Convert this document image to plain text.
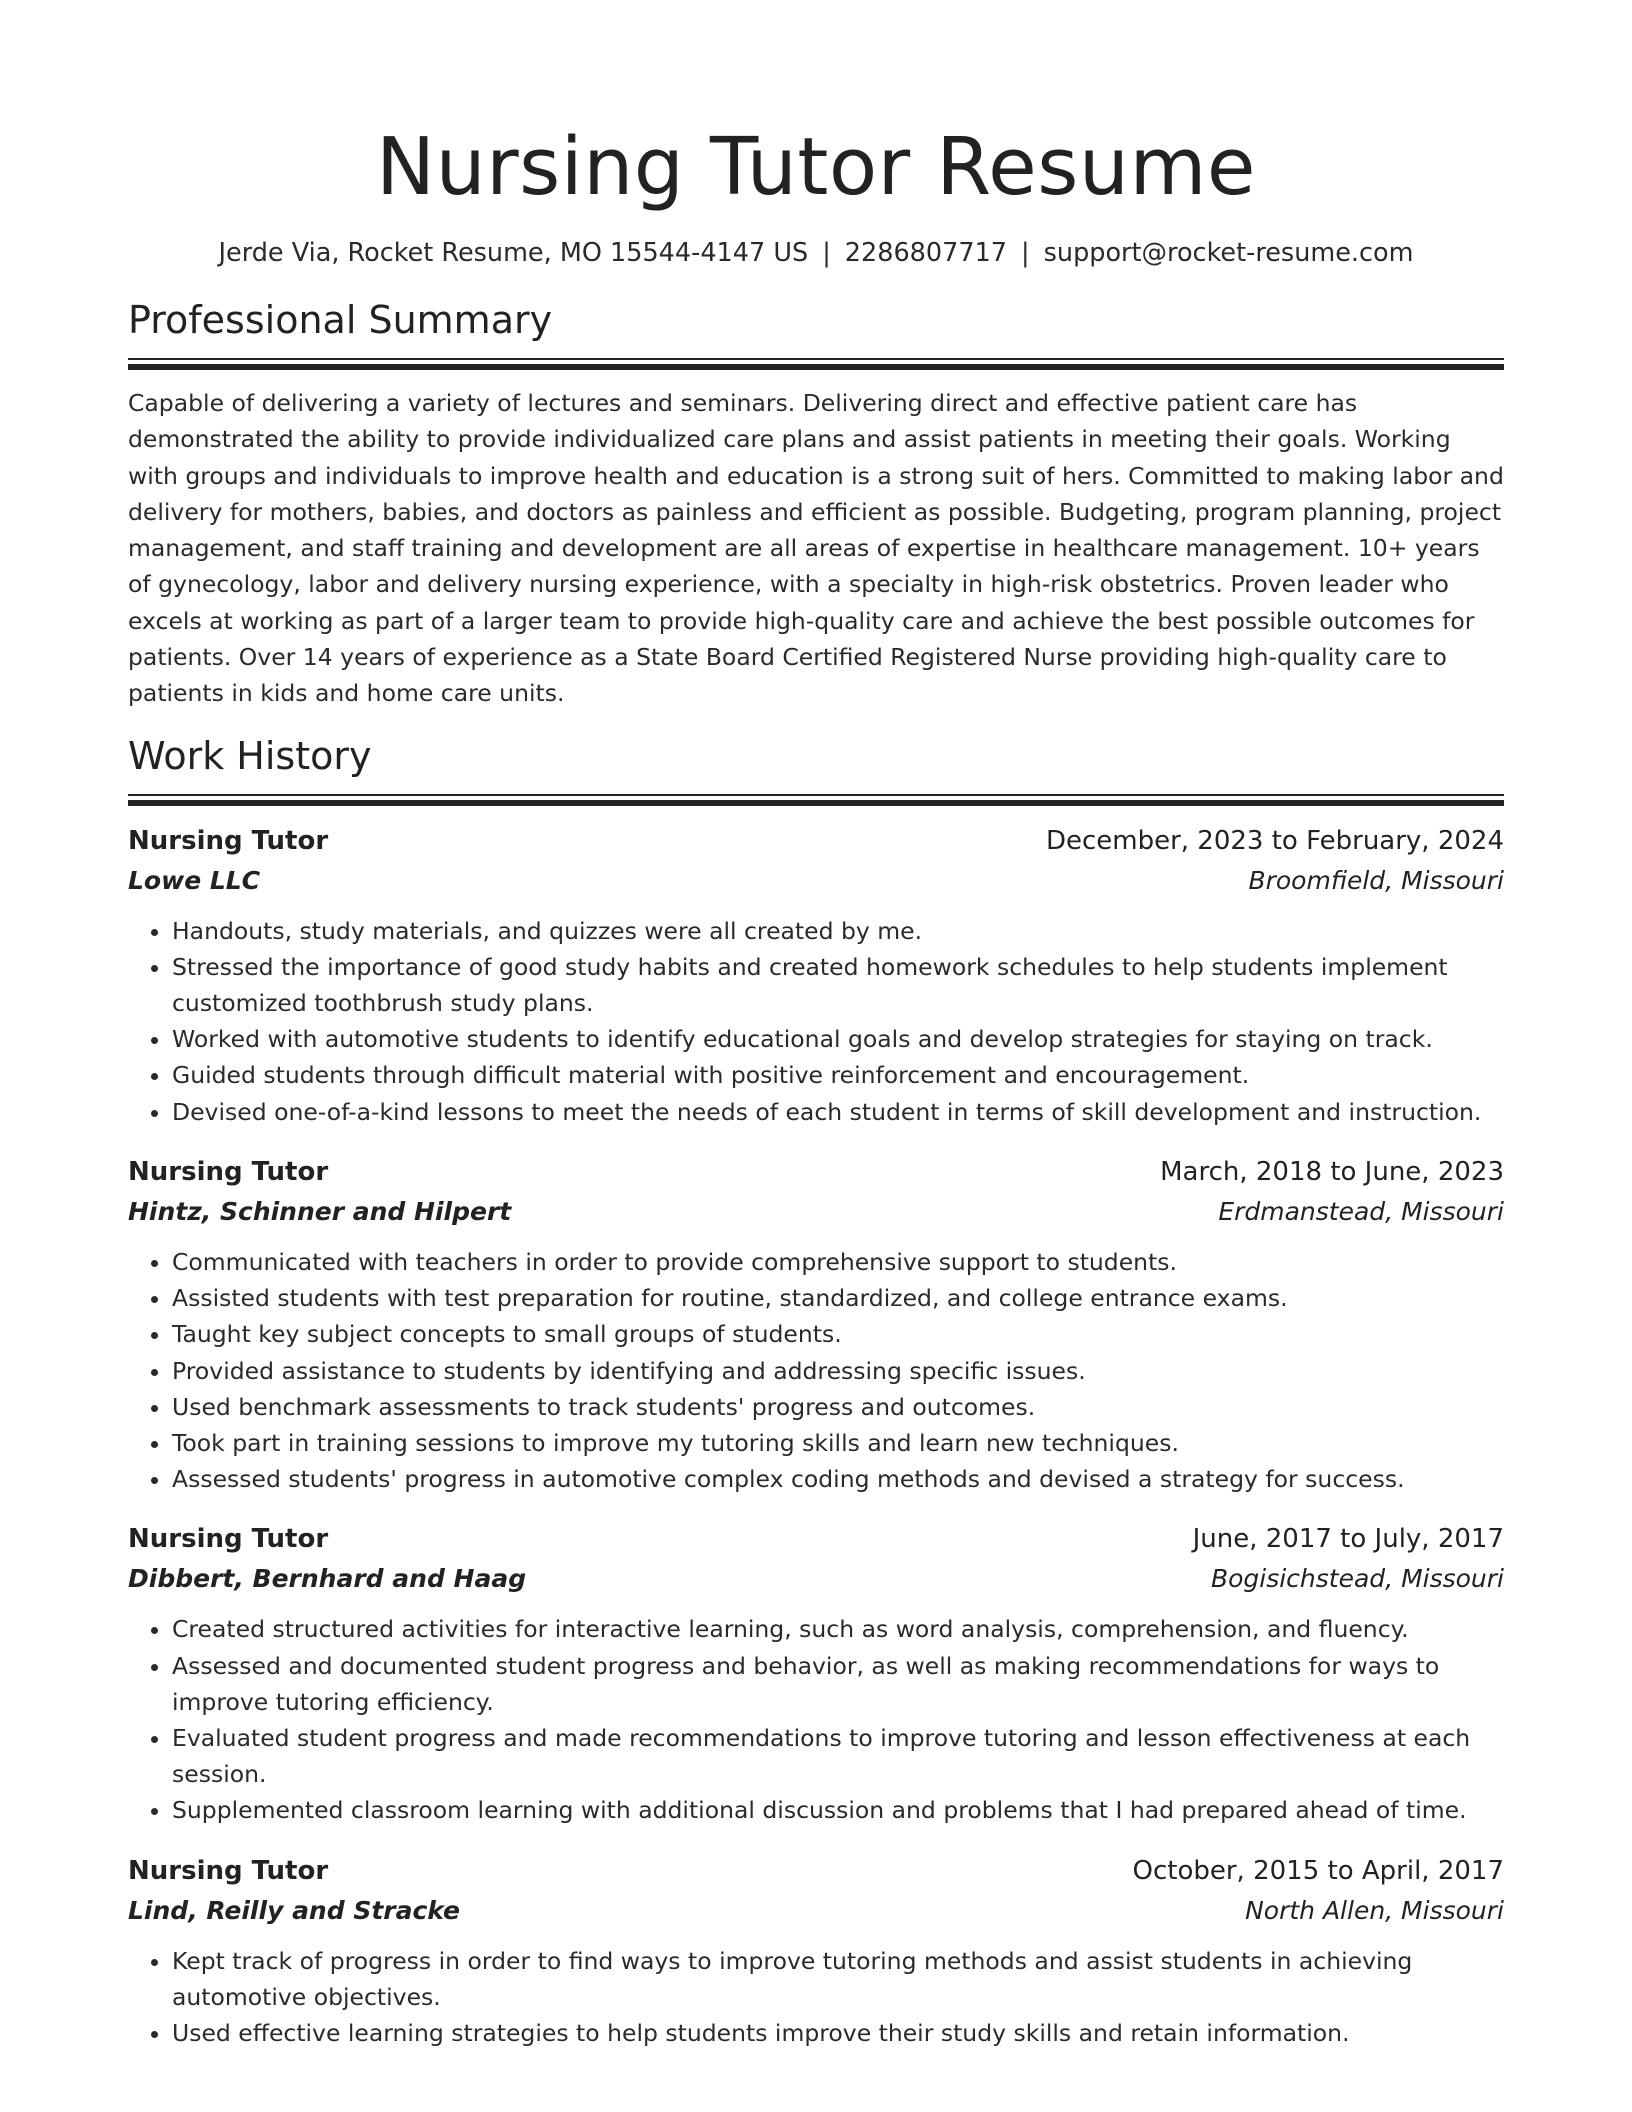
Nursing Tutor Resume
Jerde Via, Rocket Resume, MO 15544-4147 US | 2286807717 | support@rocket-resume.com
Professional Summary

Capable of delivering a variety of lectures and seminars. Delivering direct and effective patient care has demonstrated the ability to provide individualized care plans and assist patients in meeting their goals. Working with groups and individuals to improve health and education is a strong suit of hers. Committed to making labor and delivery for mothers, babies, and doctors as painless and efficient as possible. Budgeting, program planning, project management, and staff training and development are all areas of expertise in healthcare management. 10+ years of gynecology, labor and delivery nursing experience, with a specialty in high-risk obstetrics. Proven leader who excels at working as part of a larger team to provide high-quality care and achieve the best possible outcomes for patients. Over 14 years of experience as a State Board Certified Registered Nurse providing high-quality care to patients in kids and home care units.

Work History
Nursing Tutor	December, 2023 to February, 2024
Lowe LLC	Broomfield, Missouri
• Handouts, study materials, and quizzes were all created by me.
• Stressed the importance of good study habits and created homework schedules to help students implement customized toothbrush study plans.
• Worked with automotive students to identify educational goals and develop strategies for staying on track.
• Guided students through difficult material with positive reinforcement and encouragement.
• Devised one-of-a-kind lessons to meet the needs of each student in terms of skill development and instruction.
Nursing Tutor	March, 2018 to June, 2023
Hintz, Schinner and Hilpert	Erdmanstead, Missouri
• Communicated with teachers in order to provide comprehensive support to students.
• Assisted students with test preparation for routine, standardized, and college entrance exams.
• Taught key subject concepts to small groups of students.
• Provided assistance to students by identifying and addressing specific issues.
• Used benchmark assessments to track students' progress and outcomes.
• Took part in training sessions to improve my tutoring skills and learn new techniques.
• Assessed students' progress in automotive complex coding methods and devised a strategy for success.
Nursing Tutor	June, 2017 to July, 2017
Dibbert, Bernhard and Haag	Bogisichstead, Missouri
• Created structured activities for interactive learning, such as word analysis, comprehension, and fluency.
• Assessed and documented student progress and behavior, as well as making recommendations for ways to improve tutoring efficiency.
• Evaluated student progress and made recommendations to improve tutoring and lesson effectiveness at each session.
• Supplemented classroom learning with additional discussion and problems that I had prepared ahead of time.
Nursing Tutor	October, 2015 to April, 2017
Lind, Reilly and Stracke	North Allen, Missouri
• Kept track of progress in order to find ways to improve tutoring methods and assist students in achieving automotive objectives.
• Used effective learning strategies to help students improve their study skills and retain information.
